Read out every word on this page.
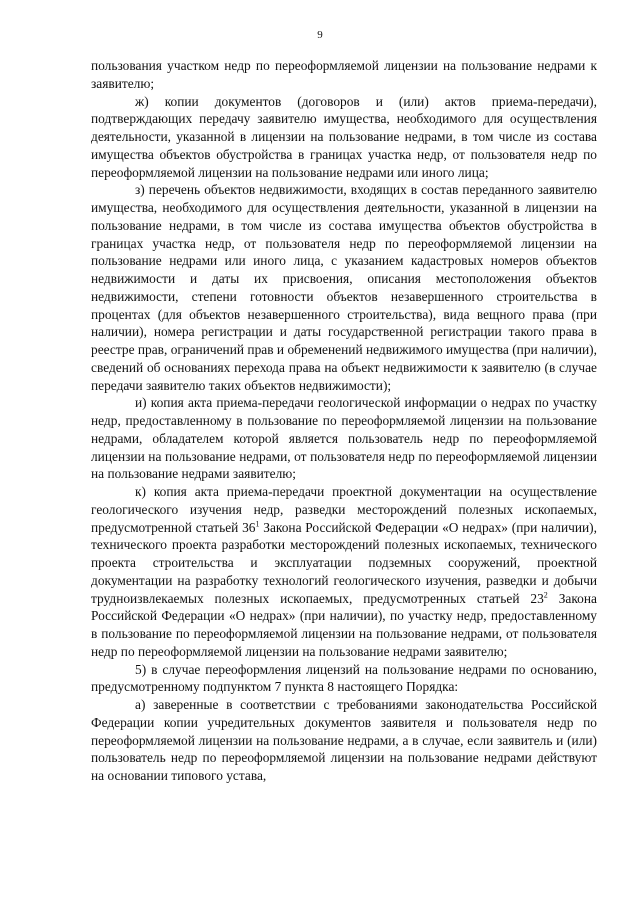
9

пользования участком недр по переоформляемой лицензии на пользование недрами к заявителю;

ж) копии документов (договоров и (или) актов приема-передачи), подтверждающих передачу заявителю имущества, необходимого для осуществления деятельности, указанной в лицензии на пользование недрами, в том числе из состава имущества объектов обустройства в границах участка недр, от пользователя недр по переоформляемой лицензии на пользование недрами или иного лица;

з) перечень объектов недвижимости, входящих в состав переданного заявителю имущества, необходимого для осуществления деятельности, указанной в лицензии на пользование недрами, в том числе из состава имущества объектов обустройства в границах участка недр, от пользователя недр по переоформляемой лицензии на пользование недрами или иного лица, с указанием кадастровых номеров объектов недвижимости и даты их присвоения, описания местоположения объектов недвижимости, степени готовности объектов незавершенного строительства в процентах (для объектов незавершенного строительства), вида вещного права (при наличии), номера регистрации и даты государственной регистрации такого права в реестре прав, ограничений прав и обременений недвижимого имущества (при наличии), сведений об основаниях перехода права на объект недвижимости к заявителю (в случае передачи заявителю таких объектов недвижимости);

и) копия акта приема-передачи геологической информации о недрах по участку недр, предоставленному в пользование по переоформляемой лицензии на пользование недрами, обладателем которой является пользователь недр по переоформляемой лицензии на пользование недрами, от пользователя недр по переоформляемой лицензии на пользование недрами заявителю;

к) копия акта приема-передачи проектной документации на осуществление геологического изучения недр, разведки месторождений полезных ископаемых, предусмотренной статьей $36^1$ Закона Российской Федерации «О недрах» (при наличии), технического проекта разработки месторождений полезных ископаемых, технического проекта строительства и эксплуатации подземных сооружений, проектной документации на разработку технологий геологического изучения, разведки и добычи трудноизвлекаемых полезных ископаемых, предусмотренных статьей $23^2$ Закона Российской Федерации «О недрах» (при наличии), по участку недр, предоставленному в пользование по переоформляемой лицензии на пользование недрами, от пользователя недр по переоформляемой лицензии на пользование недрами заявителю;

5) в случае переоформления лицензий на пользование недрами по основанию, предусмотренному подпунктом 7 пункта 8 настоящего Порядка:

а) заверенные в соответствии с требованиями законодательства Российской Федерации копии учредительных документов заявителя и пользователя недр по переоформляемой лицензии на пользование недрами, а в случае, если заявитель и (или) пользователь недр по переоформляемой лицензии на пользование недрами действуют на основании типового устава,
